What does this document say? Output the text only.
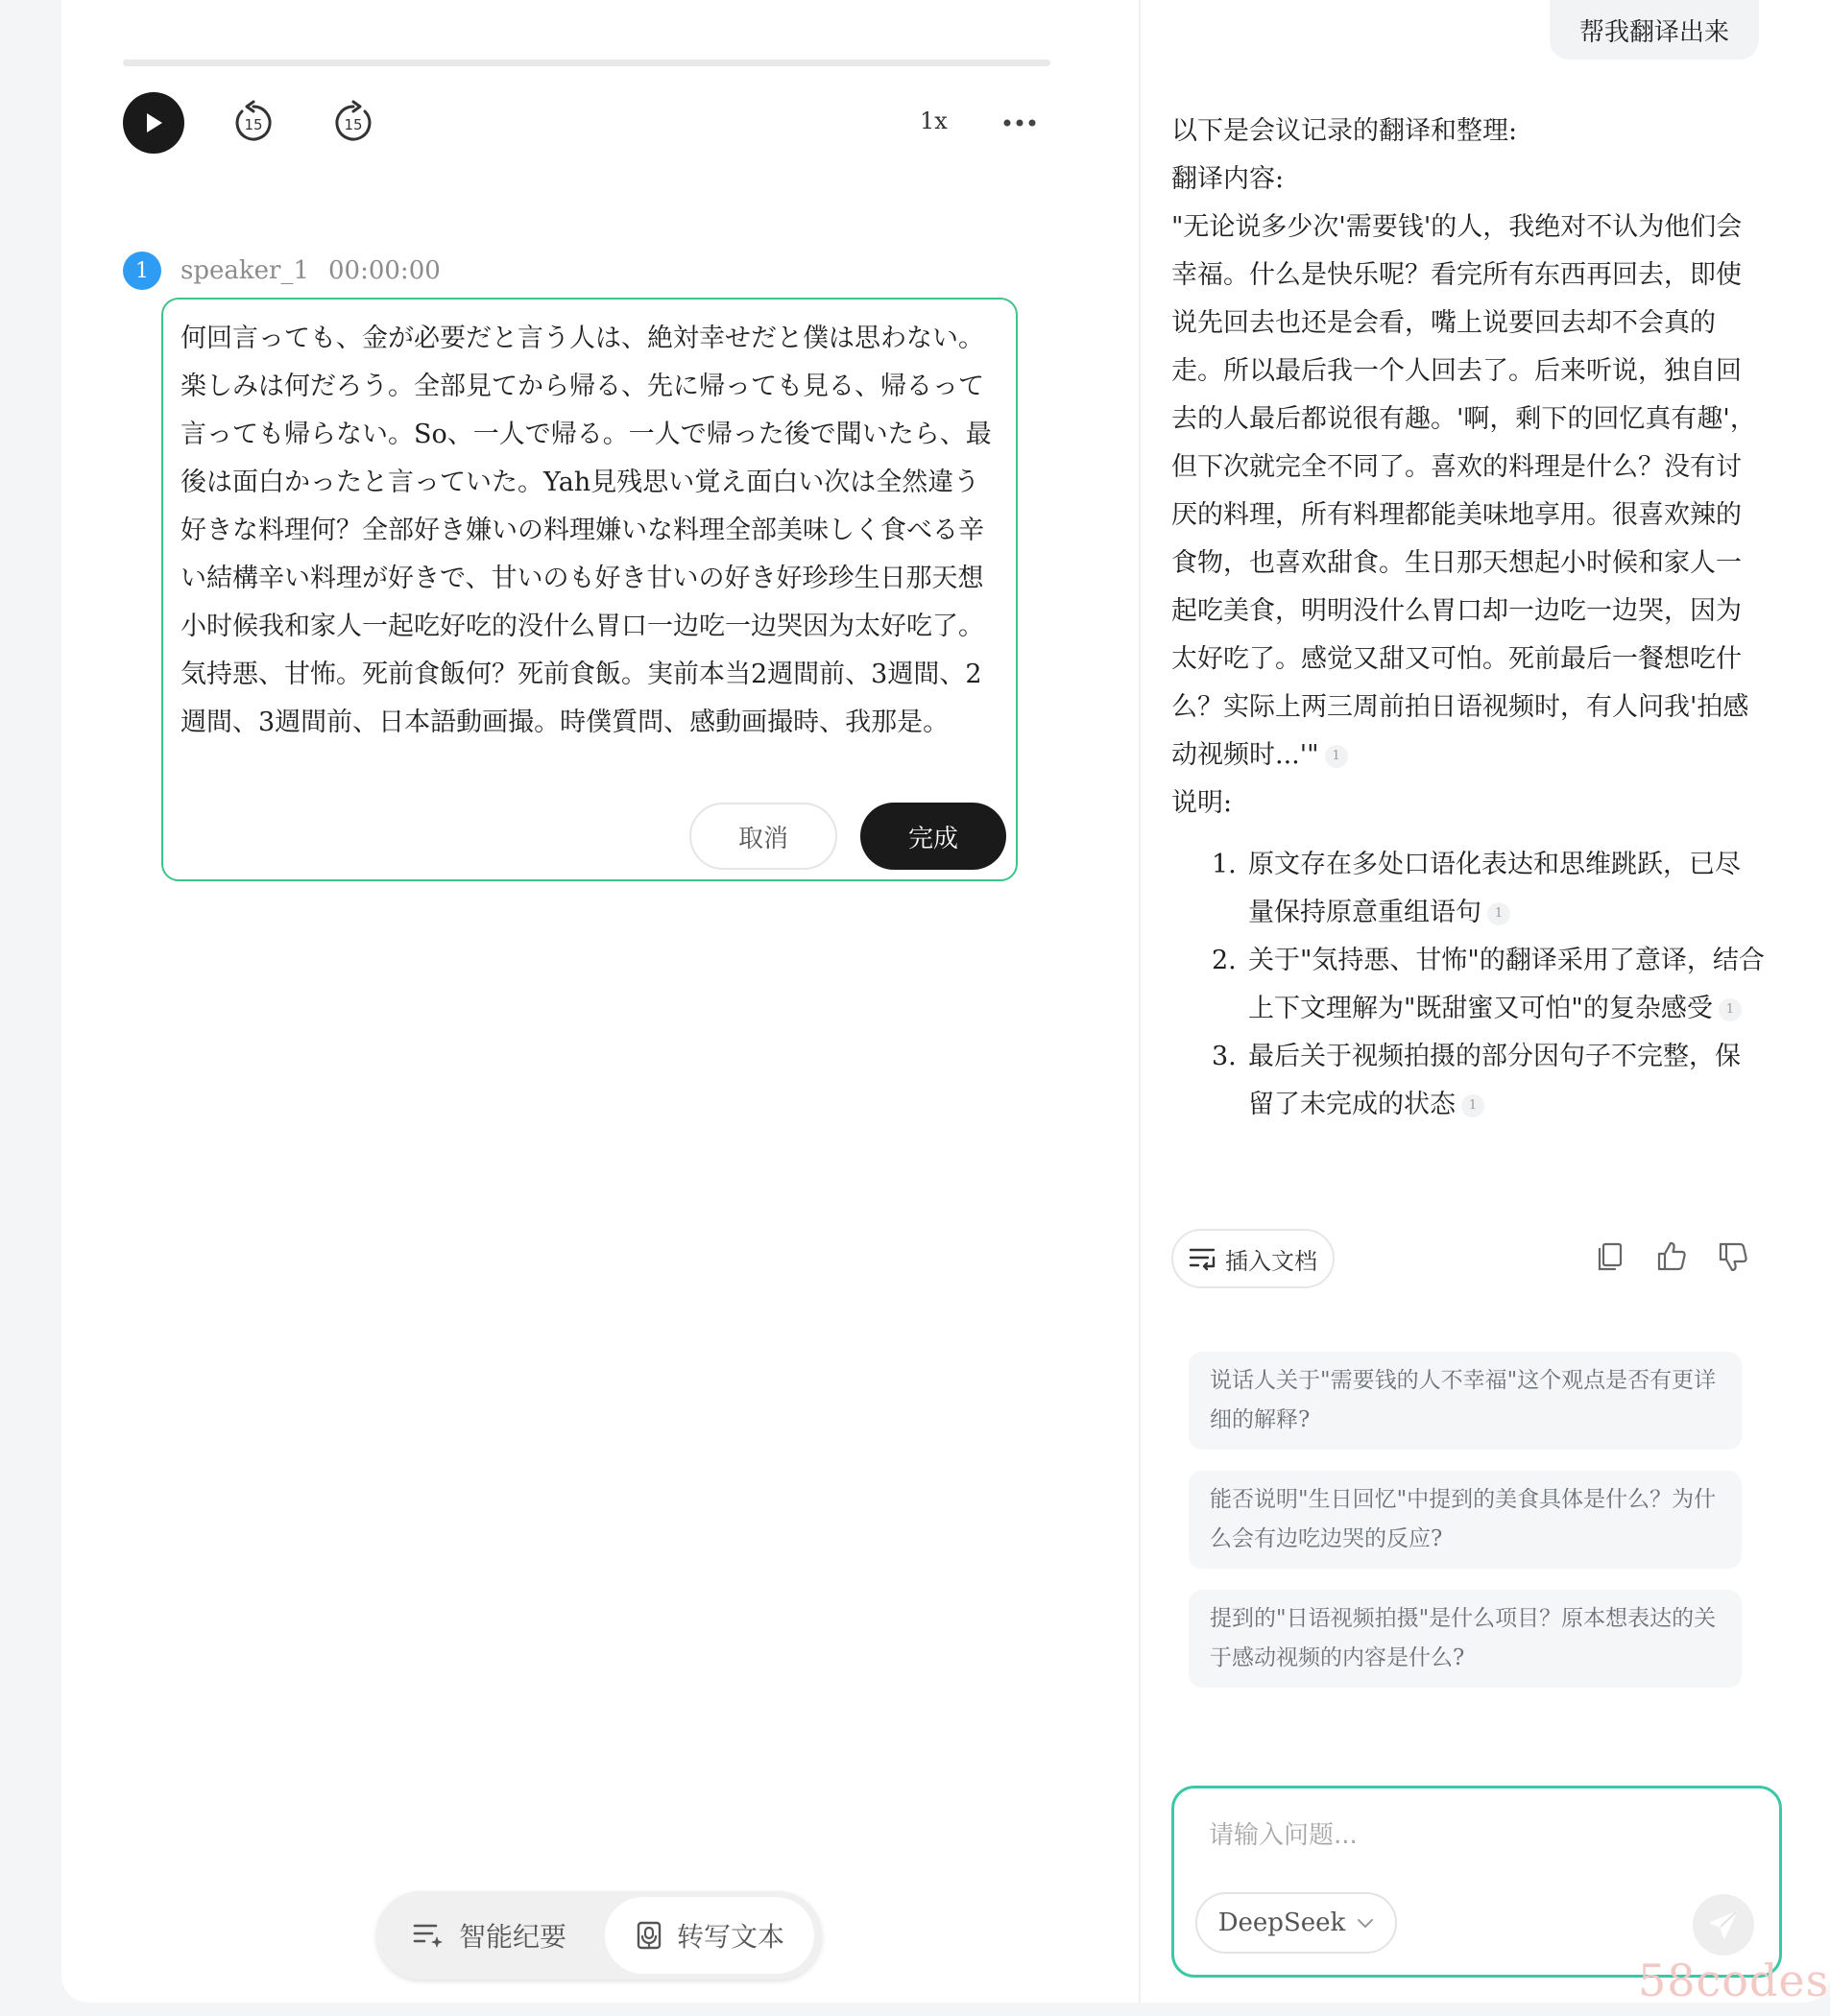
15	15	1x
1	speaker_1 00:00:00

何回言っても、金が必要だと言う人は、絶対幸せだと僕は思わない。楽しみは何だろう。全部見てから帰る、先に帰っても見る、帰るって言っても帰らない。So、一人で帰る。一人で帰った後で聞いたら、最後は面白かったと言っていた。Yah見残思い覚え面白い次は全然違う好きな料理何？全部好き嫌いの料理嫌いな料理全部美味しく食べる辛い結構辛い料理が好きで、甘いのも好き甘いの好き好珍珍生日那天想小时候我和家人一起吃好吃的没什么胃口一边吃一边哭因为太好吃了。気持悪、甘怖。死前食飯何？死前食飯。実前本当2週間前、3週間、2週間、3週間前、日本語動画撮。時僕質問、感動画撮時、我那是。

取消	完成
智能纪要	转写文本
帮我翻译出来

以下是会议记录的翻译和整理:

翻译内容:

"无论说多少次'需要钱'的人，我绝对不认为他们会幸福。什么是快乐呢？看完所有东西再回去，即使说先回去也还是会看，嘴上说要回去却不会真的走。所以最后我一个人回去了。后来听说，独自回去的人最后都说很有趣。'啊，剩下的回忆真有趣'，但下次就完全不同了。喜欢的料理是什么？没有讨厌的料理，所有料理都能美味地享用。很喜欢辣的食物，也喜欢甜食。生日那天想起小时候和家人一起吃美食，明明没什么胃口却一边吃一边哭，因为太好吃了。感觉又甜又可怕。死前最后一餐想吃什么？实际上两三周前拍日语视频时，有人问我'拍感动视频时...'" 1

说明:

1. 原文存在多处口语化表达和思维跳跃，已尽量保持原意重组语句 1
2. 关于"気持悪、甘怖"的翻译采用了意译，结合上下文理解为"既甜蜜又可怕"的复杂感受 1
3. 最后关于视频拍摄的部分因句子不完整，保留了未完成的状态 1
插入文档
说话人关于"需要钱的人不幸福"这个观点是否有更详细的解释?
能否说明"生日回忆"中提到的美食具体是什么？为什么会有边吃边哭的反应?
提到的"日语视频拍摄"是什么项目？原本想表达的关于感动视频的内容是什么?
请输入问题...
DeepSeek
58codes
